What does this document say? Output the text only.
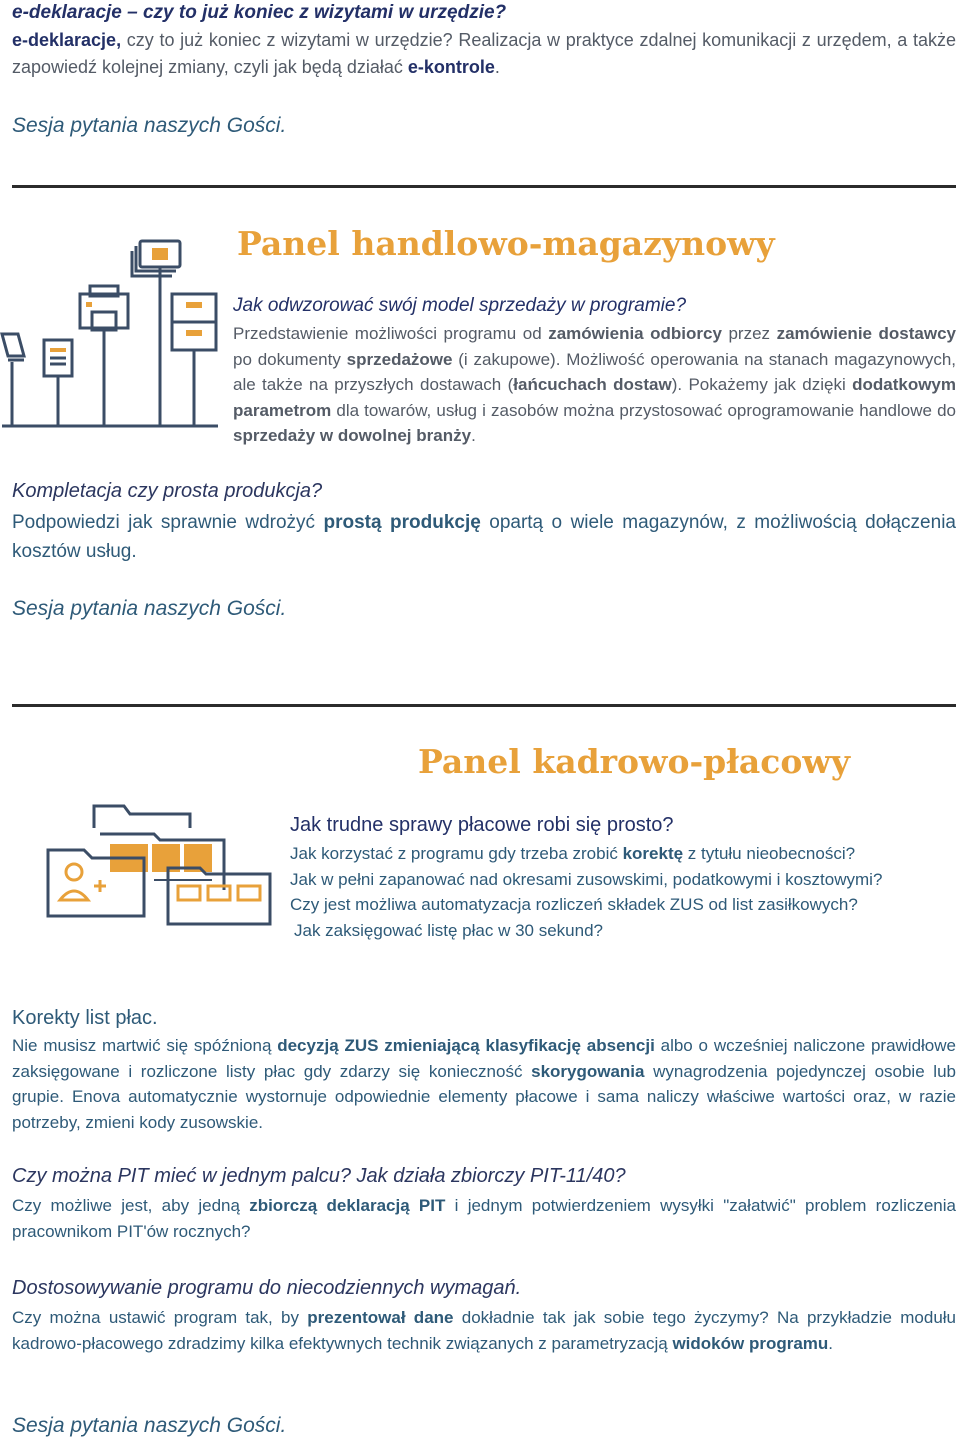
e-deklaracje – czy to już koniec z wizytami w urzędzie?

e-deklaracje, czy to już koniec z wizytami w urzędzie? Realizacja w praktyce zdalnej komunikacji z urzędem, a także zapowiedź kolejnej zmiany, czyli jak będą działać e-kontrole.

Sesja pytania naszych Gości.

Panel handlowo-magazynowy

Jak odwzorować swój model sprzedaży w programie?

Przedstawienie możliwości programu od zamówienia odbiorcy przez zamówienie dostawcy po dokumenty sprzedażowe (i zakupowe). Możliwość operowania na stanach magazynowych, ale także na przyszłych dostawach (łańcuchach dostaw). Pokażemy jak dzięki dodatkowym parametrom dla towarów, usług i zasobów można przystosować oprogramowanie handlowe do sprzedaży w dowolnej branży.

Kompletacja czy prosta produkcja?

Podpowiedzi jak sprawnie wdrożyć prostą produkcję opartą o wiele magazynów, z możliwością dołączenia kosztów usług.

Sesja pytania naszych Gości.

Panel kadrowo-płacowy

Jak trudne sprawy płacowe robi się prosto?

Jak korzystać z programu gdy trzeba zrobić korektę z tytułu nieobecności?

Jak w pełni zapanować nad okresami zusowskimi, podatkowymi i kosztowymi?

Czy jest możliwa automatyzacja rozliczeń składek ZUS od list zasiłkowych?

Jak zaksięgować listę płac w 30 sekund?

Korekty list płac.

Nie musisz martwić się spóźnioną decyzją ZUS zmieniającą klasyfikację absencji albo o wcześniej naliczone prawidłowe zaksięgowane i rozliczone listy płac gdy zdarzy się konieczność skorygowania wynagrodzenia pojedynczej osobie lub grupie. Enova automatycznie wystornuje odpowiednie elementy płacowe i sama naliczy właściwe wartości oraz, w razie potrzeby, zmieni kody zusowskie.

Czy można PIT mieć w jednym palcu? Jak działa zbiorczy PIT-11/40?

Czy możliwe jest, aby jedną zbiorczą deklaracją PIT i jednym potwierdzeniem wysyłki "załatwić" problem rozliczenia pracownikom PIT'ów rocznych?

Dostosowywanie programu do niecodziennych wymagań.

Czy można ustawić program tak, by prezentował dane dokładnie tak jak sobie tego życzymy? Na przykładzie modułu kadrowo-płacowego zdradzimy kilka efektywnych technik związanych z parametryzacją widoków programu.

Sesja pytania naszych Gości.
